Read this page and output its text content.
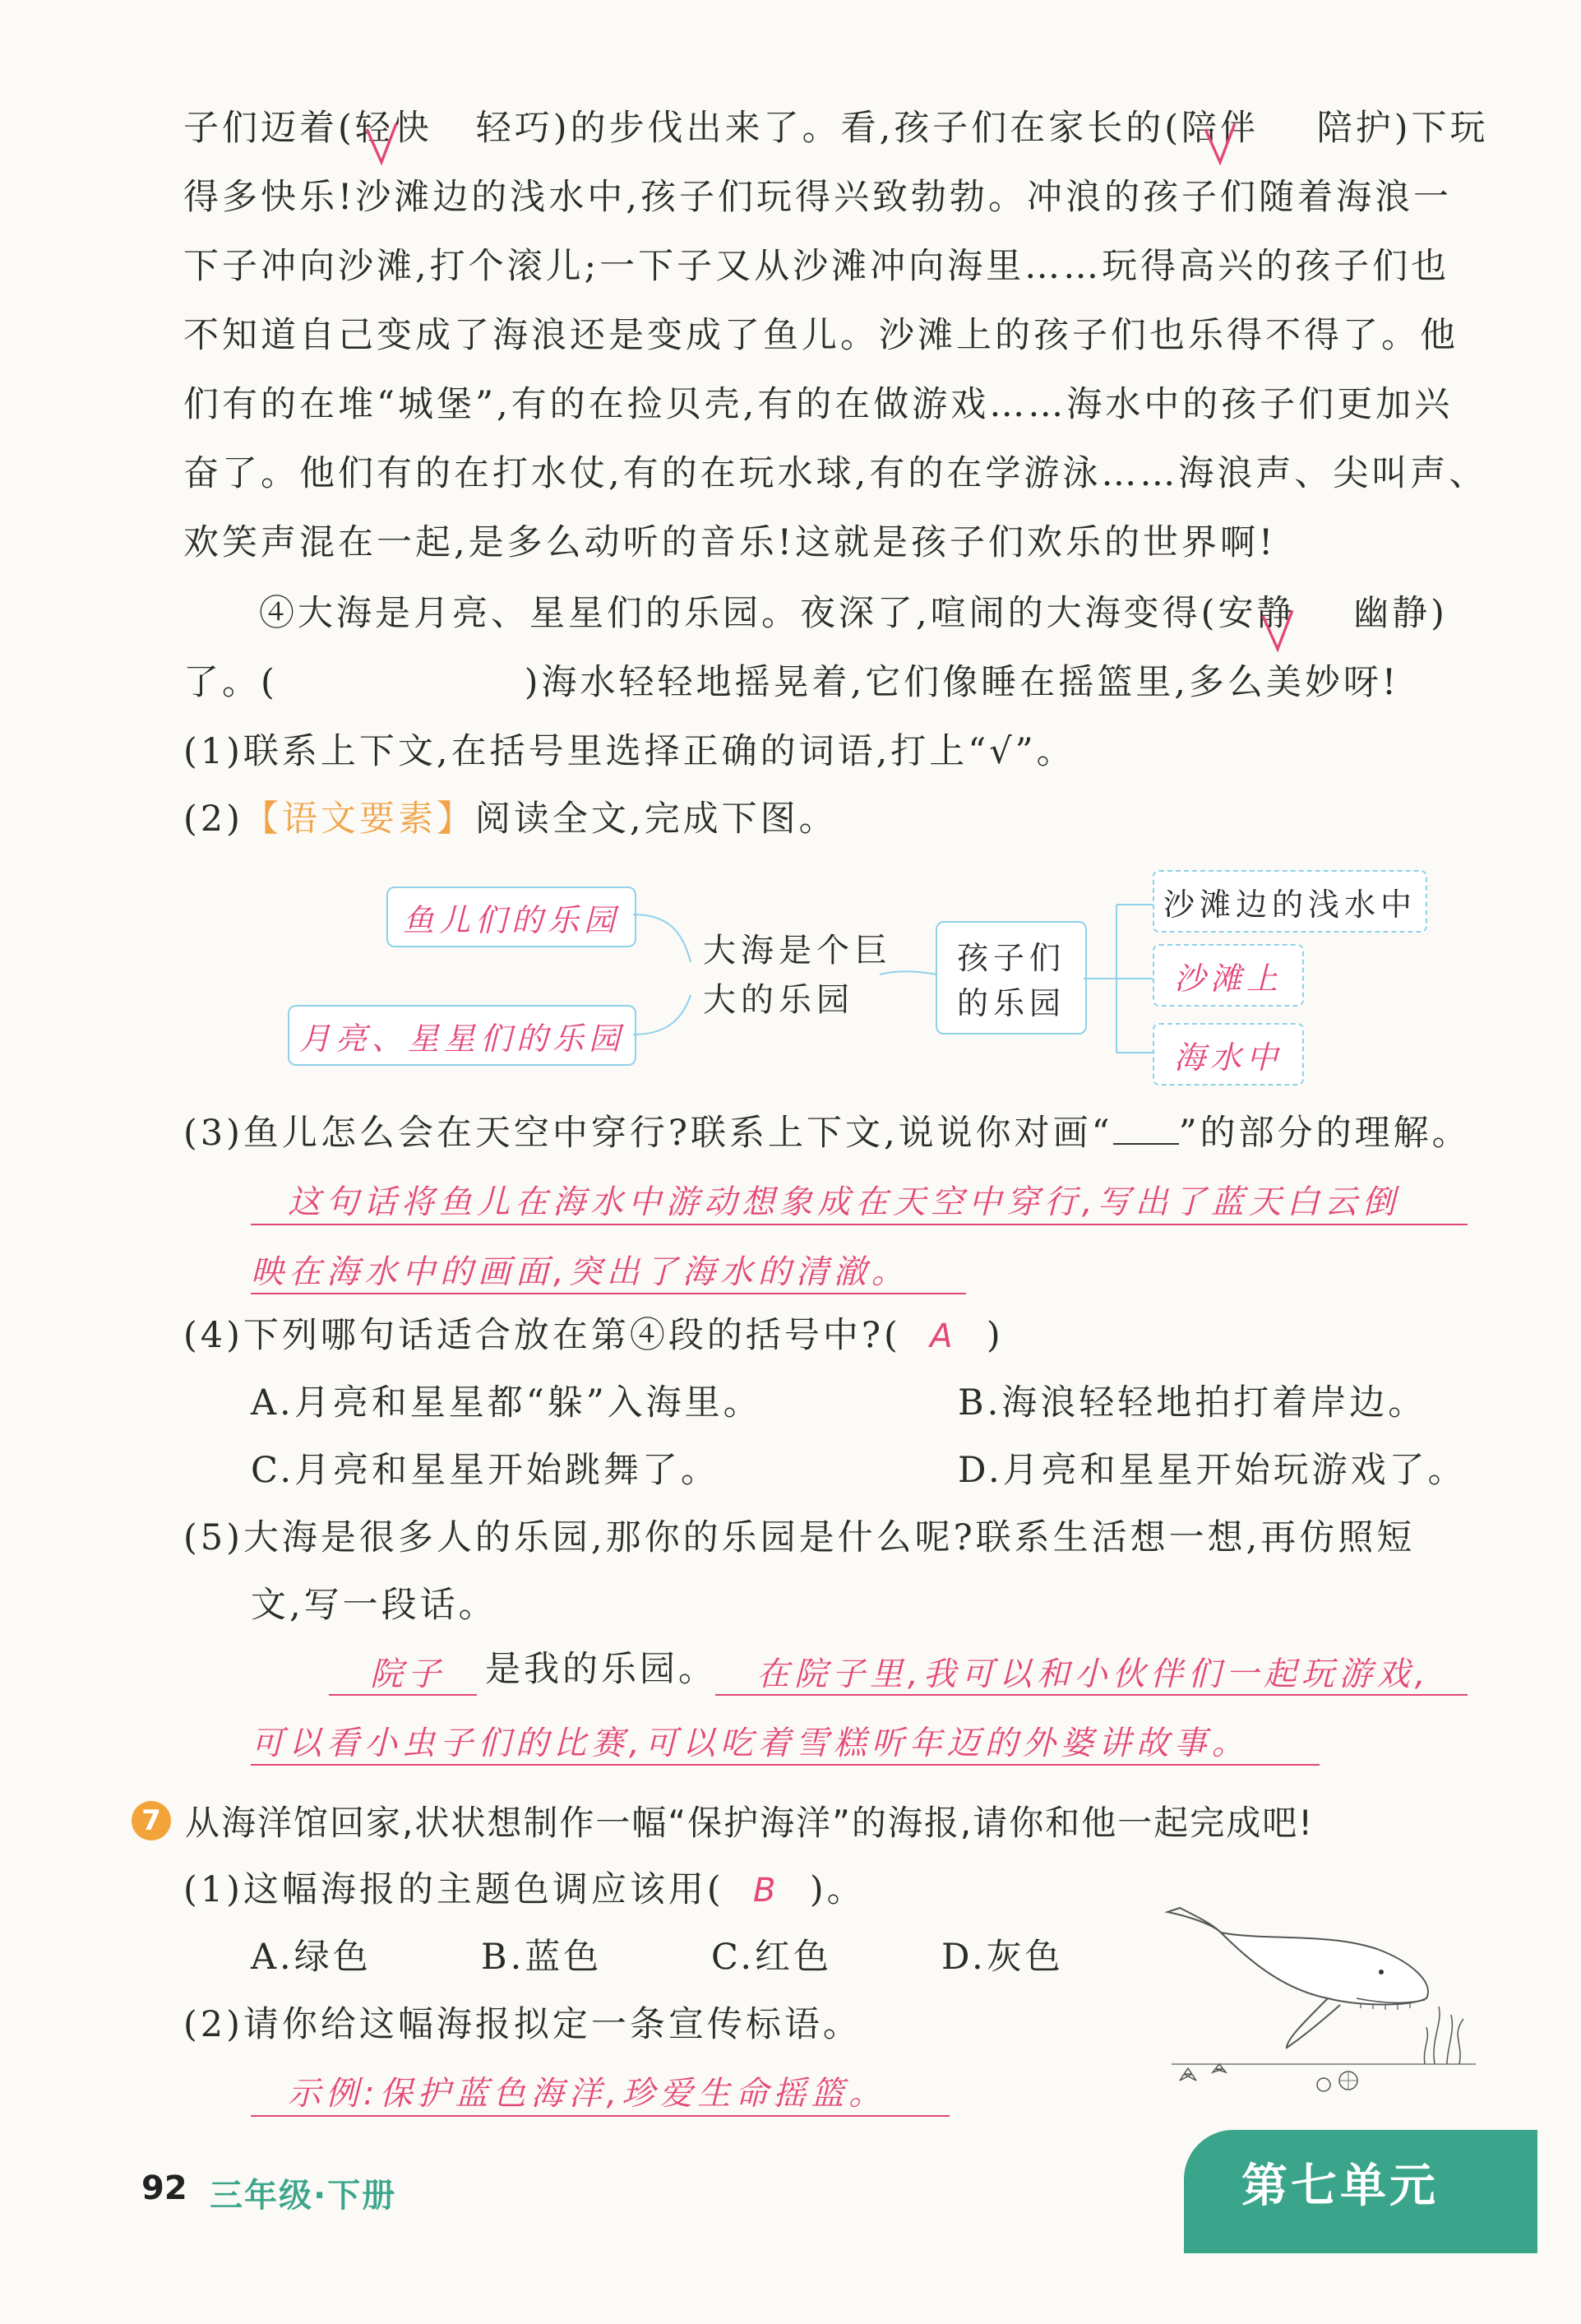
子们迈着(轻快 轻巧)的步伐出来了。看,孩子们在家长的(陪伴 陪护)下玩
得多快乐!沙滩边的浅水中,孩子们玩得兴致勃勃。冲浪的孩子们随着海浪一
下子冲向沙滩,打个滚儿;一下子又从沙滩冲向海里……玩得高兴的孩子们也
不知道自己变成了海浪还是变成了鱼儿。沙滩上的孩子们也乐得不得了。他
们有的在堆“城堡”,有的在捡贝壳,有的在做游戏……海水中的孩子们更加兴
奋了。他们有的在打水仗,有的在玩水球,有的在学游泳……海浪声、尖叫声、
欢笑声混在一起,是多么动听的音乐!这就是孩子们欢乐的世界啊!
④大海是月亮、星星们的乐园。夜深了,喧闹的大海变得(安静 幽静)
了。(	)海水轻轻地摇晃着,它们像睡在摇篮里,多么美妙呀!
(1)联系上下文,在括号里选择正确的词语,打上“√”。
(2)【语文要素】阅读全文,完成下图。
鱼儿们的乐园
月亮、星星们的乐园
大海是个巨
大的乐园
孩子们
的乐园
沙滩边的浅水中
沙滩上
海水中
(3)鱼儿怎么会在天空中穿行?联系上下文,说说你对画“ ”的部分的理解。
这句话将鱼儿在海水中游动想象成在天空中穿行,写出了蓝天白云倒
映在海水中的画面,突出了海水的清澈。
(4)下列哪句话适合放在第④段的括号中?( A )
A.月亮和星星都“躲”入海里。	B.海浪轻轻地拍打着岸边。
C.月亮和星星开始跳舞了。	D.月亮和星星开始玩游戏了。
(5)大海是很多人的乐园,那你的乐园是什么呢?联系生活想一想,再仿照短
文,写一段话。
院子 是我的乐园。 在院子里,我可以和小伙伴们一起玩游戏,
可以看小虫子们的比赛,可以吃着雪糕听年迈的外婆讲故事。
7 从海洋馆回家,状状想制作一幅“保护海洋”的海报,请你和他一起完成吧!
(1)这幅海报的主题色调应该用( B )。
A.绿色	B.蓝色	C.红色	D.灰色
(2)请你给这幅海报拟定一条宣传标语。
示例:保护蓝色海洋,珍爱生命摇篮。
92 三年级·下册	第七单元
